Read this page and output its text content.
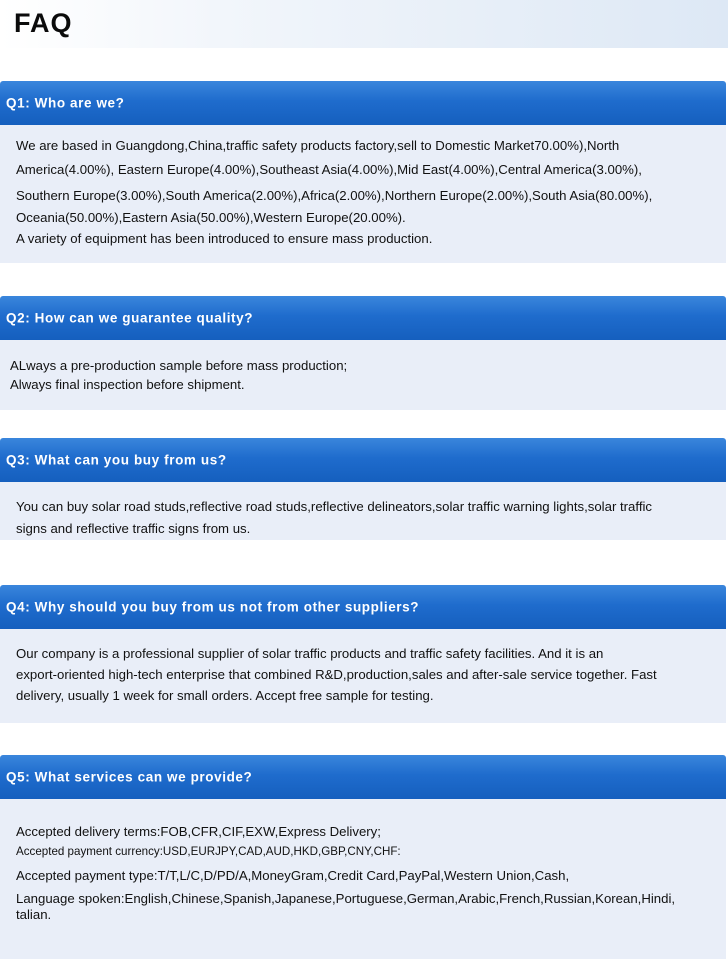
FAQ
Q1: Who are we?
We are based in Guangdong,China,traffic safety products factory,sell to Domestic Market70.00%),North
America(4.00%), Eastern Europe(4.00%),Southeast Asia(4.00%),Mid East(4.00%),Central America(3.00%),
Southern Europe(3.00%),South America(2.00%),Africa(2.00%),Northern Europe(2.00%),South Asia(80.00%),
Oceania(50.00%),Eastern Asia(50.00%),Western Europe(20.00%).
A variety of equipment has been introduced to ensure mass production.
Q2: How can we guarantee quality?
ALways a pre-production sample before mass production;
Always final inspection before shipment.
Q3: What can you buy from us?
You can buy solar road studs,reflective road studs,reflective delineators,solar traffic warning lights,solar traffic
signs and reflective traffic signs from us.
Q4: Why should you buy from us not from other suppliers?
Our company is a professional supplier of solar traffic products and traffic safety facilities. And it is an
export-oriented high-tech enterprise that combined R&D,production,sales and after-sale service together. Fast
delivery, usually 1 week for small orders. Accept free sample for testing.
Q5: What services can we provide?
Accepted delivery terms:FOB,CFR,CIF,EXW,Express Delivery;
Accepted payment currency:USD,EURJPY,CAD,AUD,HKD,GBP,CNY,CHF:
Accepted payment type:T/T,L/C,D/PD/A,MoneyGram,Credit Card,PayPal,Western Union,Cash,
Language spoken:English,Chinese,Spanish,Japanese,Portuguese,German,Arabic,French,Russian,Korean,Hindi,
talian.
